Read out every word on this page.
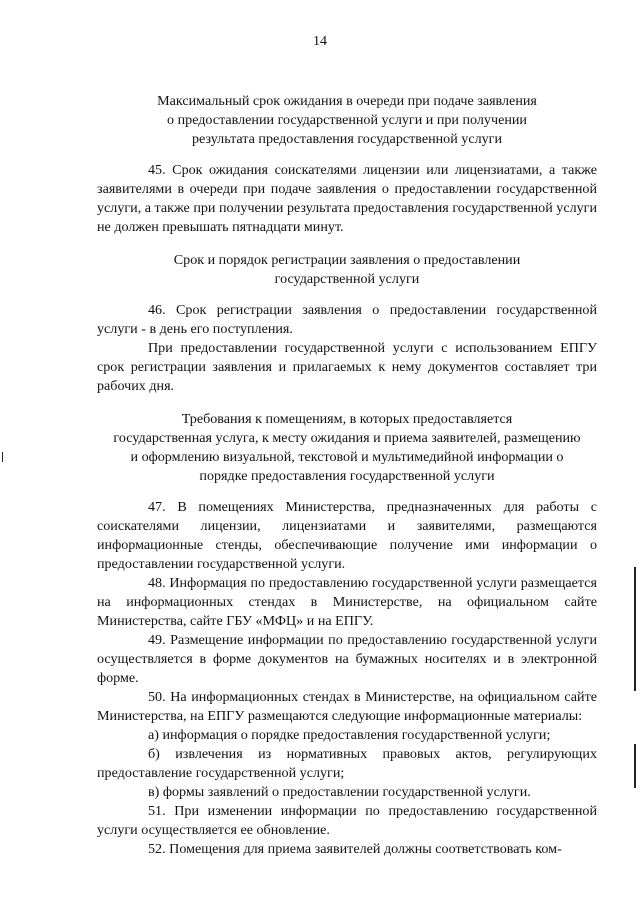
14
Максимальный срок ожидания в очереди при подаче заявления
о предоставлении государственной услуги и при получении
результата предоставления государственной услуги

45. Срок ожидания соискателями лицензии или лицензиатами, а также заявителями в очереди при подаче заявления о предоставлении государственной услуги, а также при получении результата предоставления государственной услуги не должен превышать пятнадцати минут.

Срок и порядок регистрации заявления о предоставлении
государственной услуги

46. Срок регистрации заявления о предоставлении государственной услуги - в день его поступления.

При предоставлении государственной услуги с использованием ЕПГУ срок регистрации заявления и прилагаемых к нему документов составляет три рабочих дня.

Требования к помещениям, в которых предоставляется
государственная услуга, к месту ожидания и приема заявителей, размещению
и оформлению визуальной, текстовой и мультимедийной информации о
порядке предоставления государственной услуги

47. В помещениях Министерства, предназначенных для работы с соискателями лицензии, лицензиатами и заявителями, размещаются информационные стенды, обеспечивающие получение ими информации о предоставлении государственной услуги.

48. Информация по предоставлению государственной услуги размещается на информационных стендах в Министерстве, на официальном сайте Министерства, сайте ГБУ «МФЦ» и на ЕПГУ.

49. Размещение информации по предоставлению государственной услуги осуществляется в форме документов на бумажных носителях и в электронной форме.

50. На информационных стендах в Министерстве, на официальном сайте Министерства, на ЕПГУ размещаются следующие информационные материалы:

а) информация о порядке предоставления государственной услуги;

б) извлечения из нормативных правовых актов, регулирующих предоставление государственной услуги;

в) формы заявлений о предоставлении государственной услуги.

51. При изменении информации по предоставлению государственной услуги осуществляется ее обновление.

52. Помещения для приема заявителей должны соответствовать ком-
